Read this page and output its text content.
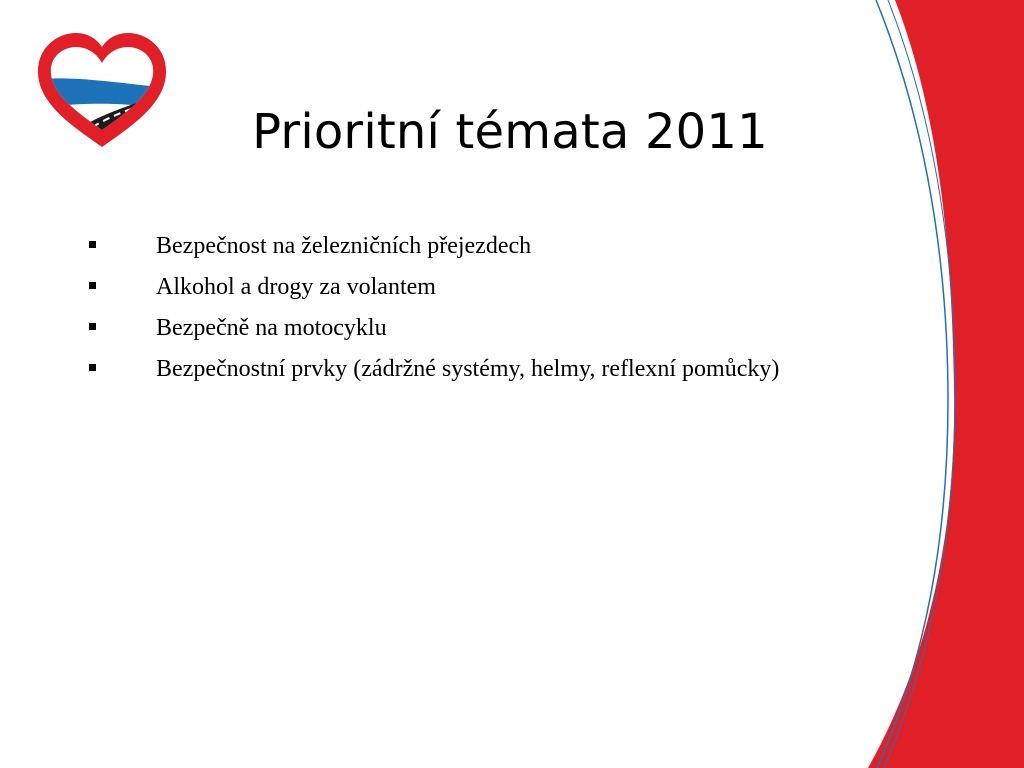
Prioritní témata 2011
Bezpečnost na železničních přejezdech
Alkohol a drogy za volantem
Bezpečně na motocyklu
Bezpečnostní prvky (zádržné systémy, helmy, reflexní pomůcky)
